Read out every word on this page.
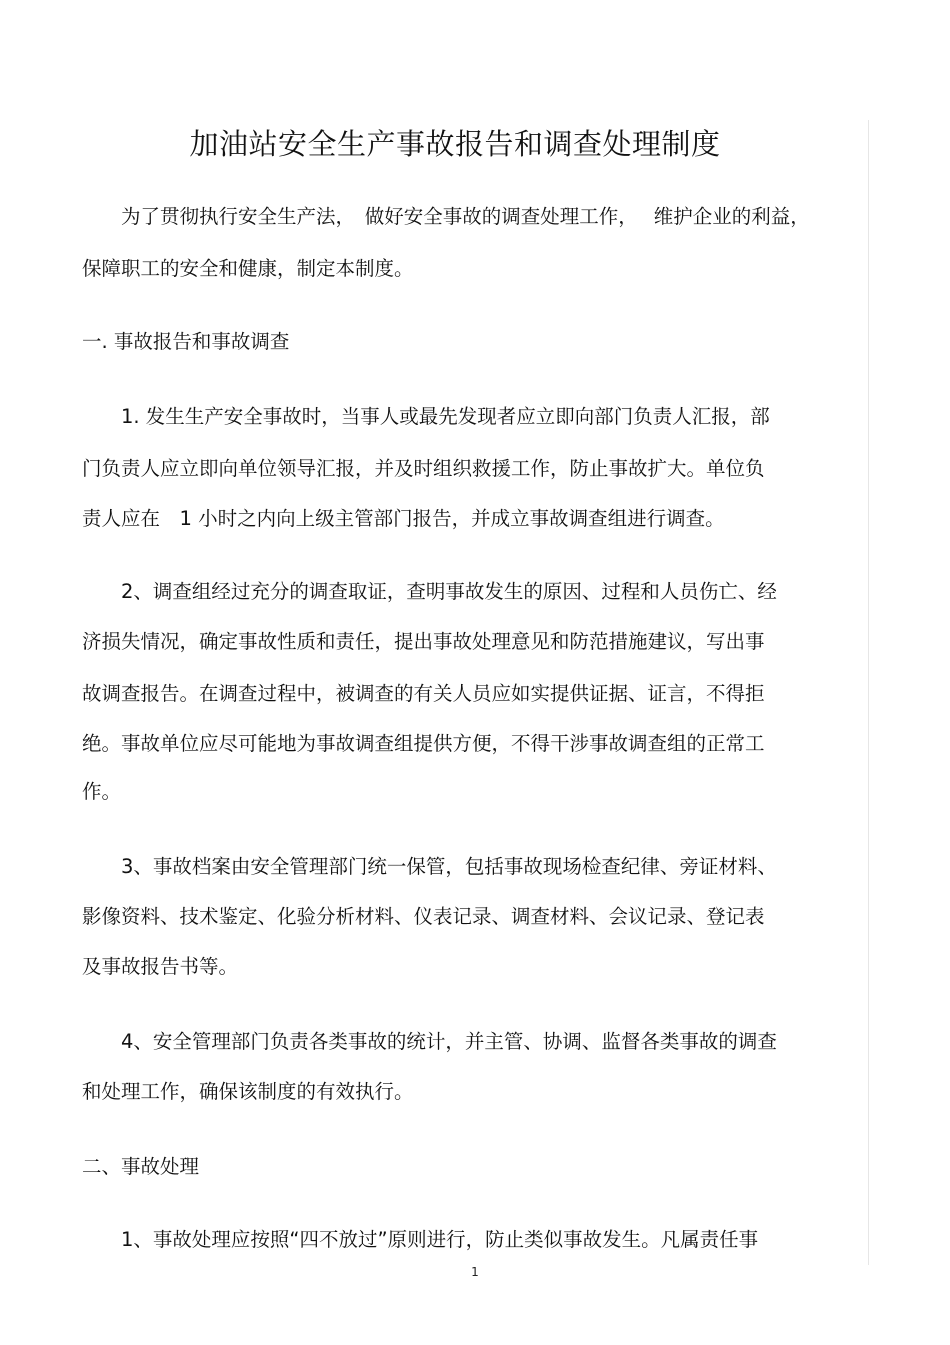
加油站安全生产事故报告和调查处理制度
　　为了贯彻执行安全生产法，　做好安全事故的调查处理工作，　 维护企业的利益，
保障职工的安全和健康，制定本制度。
一. 事故报告和事故调查
　　1. 发生生产安全事故时，当事人或最先发现者应立即向部门负责人汇报，部
门负责人应立即向单位领导汇报，并及时组织救援工作，防止事故扩大。单位负
责人应在　1 小时之内向上级主管部门报告，并成立事故调查组进行调查。
　　2、调查组经过充分的调查取证，查明事故发生的原因、过程和人员伤亡、经
济损失情况，确定事故性质和责任，提出事故处理意见和防范措施建议，写出事
故调查报告。在调查过程中，被调查的有关人员应如实提供证据、证言，不得拒
绝。事故单位应尽可能地为事故调查组提供方便，不得干涉事故调查组的正常工
作。
　　3、事故档案由安全管理部门统一保管，包括事故现场检查纪律、旁证材料、
影像资料、技术鉴定、化验分析材料、仪表记录、调查材料、会议记录、登记表
及事故报告书等。
　　4、安全管理部门负责各类事故的统计，并主管、协调、监督各类事故的调查
和处理工作，确保该制度的有效执行。
二、事故处理
　　1、事故处理应按照“四不放过”原则进行，防止类似事故发生。凡属责任事
1
